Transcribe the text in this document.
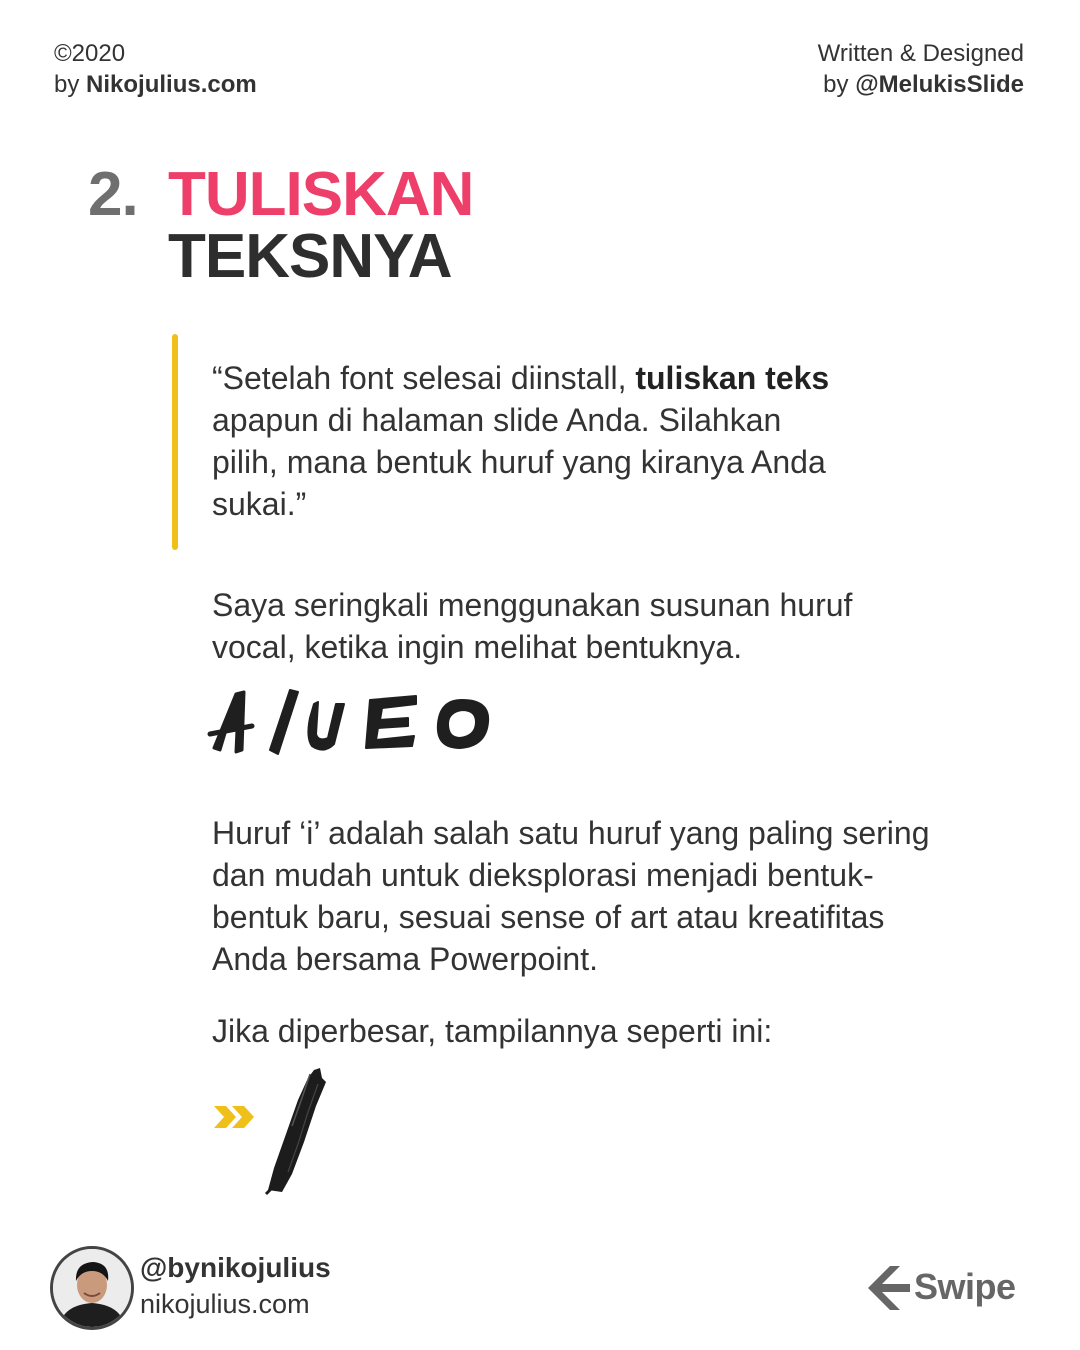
©2020
by Nikojulius.com
Written & Designed
by @MelukisSlide
2. TULISKAN
TEKSNYA
“Setelah font selesai diinstall, tuliskan teks apapun di halaman slide Anda. Silahkan pilih, mana bentuk huruf yang kiranya Anda sukai.”
Saya seringkali menggunakan susunan huruf vocal, ketika ingin melihat bentuknya.
Huruf ‘i’ adalah salah satu huruf yang paling sering dan mudah untuk dieksplorasi menjadi bentuk-bentuk baru, sesuai sense of art atau kreatifitas Anda bersama Powerpoint.
Jika diperbesar, tampilannya seperti ini:
@bynikojulius
nikojulius.com	Swipe
